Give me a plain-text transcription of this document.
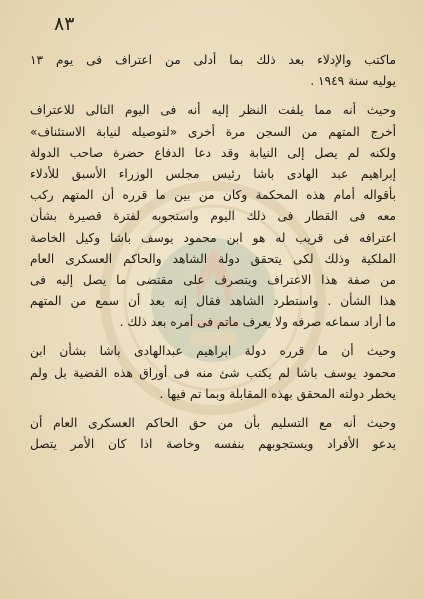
٨٣

ماكتب والإدلاء بعد ذلك بما أدلى من اعتراف فى يوم ١٣
يوليه سنة ١٩٤٩ .
وحيث أنه مما يلفت النظر إليه أنه فى اليوم التالى للاعتراف
أخرج المتهم من السجن مرة أخرى «لتوصيله لنيابة الاستئناف»
ولكنه لم يصل إلى النيابة وقد دعا الدفاع حضرة صاحب الدولة
إبراهيم عبد الهادى باشا رئيس مجلس الوزراء الأسبق للأدلاء
بأقواله أمام هذه المحكمة وكان من بين ما قرره أن المتهم ركب
معه فى القطار فى ذلك اليوم واستجوبه لفترة قصيرة بشأن
اعترافه فى قريب له هو ابن محمود يوسف باشا وكيل الخاصة
الملكية وذلك لكى يتحقق دولة الشاهد والحاكم العسكرى العام
من صفة هذا الاعتراف ويتصرف على مقتضى ما يصل إليه فى
هذا الشأن . واستطرد الشاهد فقال إنه بعد أن سمع من المتهم
ما أراد سماعه صرفه ولا يعرف ماتم فى أمره بعد ذلك .
وحيث أن ما قرره دولة ابراهيم عبدالهادى باشا بشأن ابن
محمود يوسف باشا لم يكتب شئ منه فى أوراق هذه القضية بل ولم
يخطر دولته المحقق بهذه المقابلة وبما تم فيها .
وحيث أنه مع التسليم بأن من حق الحاكم العسكرى العام أن
يدعو الأفراد ويستجوبهم بنفسه وخاصة اذا كان الأمر يتصل
